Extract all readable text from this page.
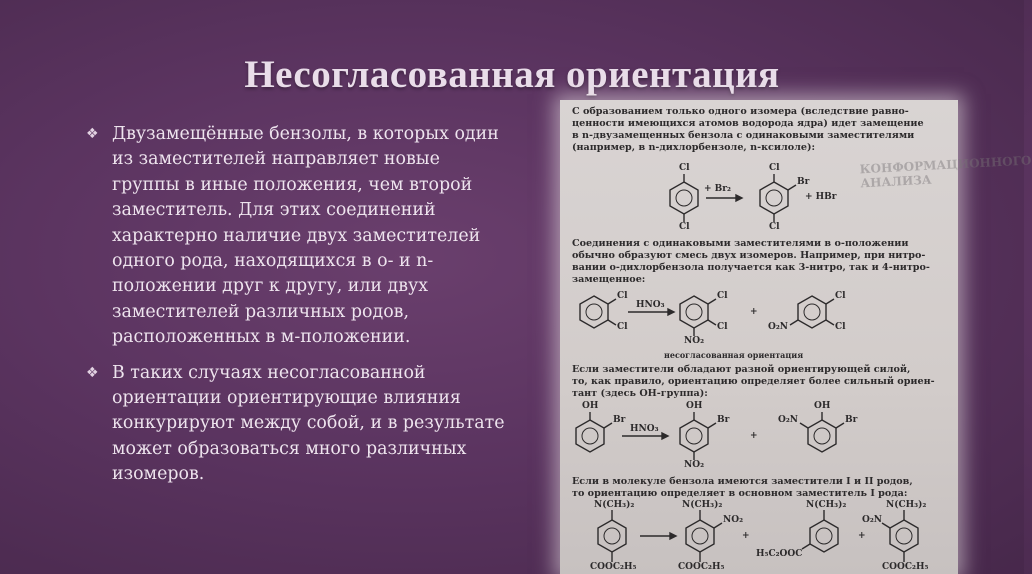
Несогласованная ориентация
❖ Двузамещённые бензолы, в которых один из заместителей направляет новые группы в иные положения, чем второй заместитель. Для этих соединений характерно наличие двух заместителей одного рода, находящихся в о- и n-положении друг к другу, или двух заместителей различных родов, расположенных в м-положении.
❖ В таких случаях несогласованной ориентации ориентирующие влияния конкурируют между собой, и в результате может образоваться много различных изомеров.
С образованием только одного изомера (вследствие равно-
ценности имеющихся атомов водорода ядра) идет замещение
в n-двузамещенных бензола с одинаковыми заместителями
(например, в n-дихлорбензоле, n-ксилоле):
КОНФОРМАЦИОННОГО АНАЛИЗА
Cl
Cl
+ Br₂
Cl
Br
Cl
+ HBr
Соединения с одинаковыми заместителями в о-положении
обычно образуют смесь двух изомеров. Например, при нитро-
вании о-дихлорбензола получается как 3-нитро, так и 4-нитро-
замещенное:
Cl
Cl
HNO₃
Cl
Cl
NO₂
+
Cl
Cl
O₂N
несогласованная ориентация
Если заместители обладают разной ориентирующей силой,
то, как правило, ориентацию определяет более сильный ориен-
тант (здесь ОН-группа):
OH
Br
HNO₃
OH
Br
NO₂
+
O₂N
OH
Br
Если в молекуле бензола имеются заместители I и II родов,
то ориентацию определяет в основном заместитель I рода:
N(CH₃)₂
COOC₂H₅
N(CH₃)₂
NO₂
COOC₂H₅
+
N(CH₃)₂
H₅C₂OOC
+
N(CH₃)₂
O₂N
COOC₂H₅
